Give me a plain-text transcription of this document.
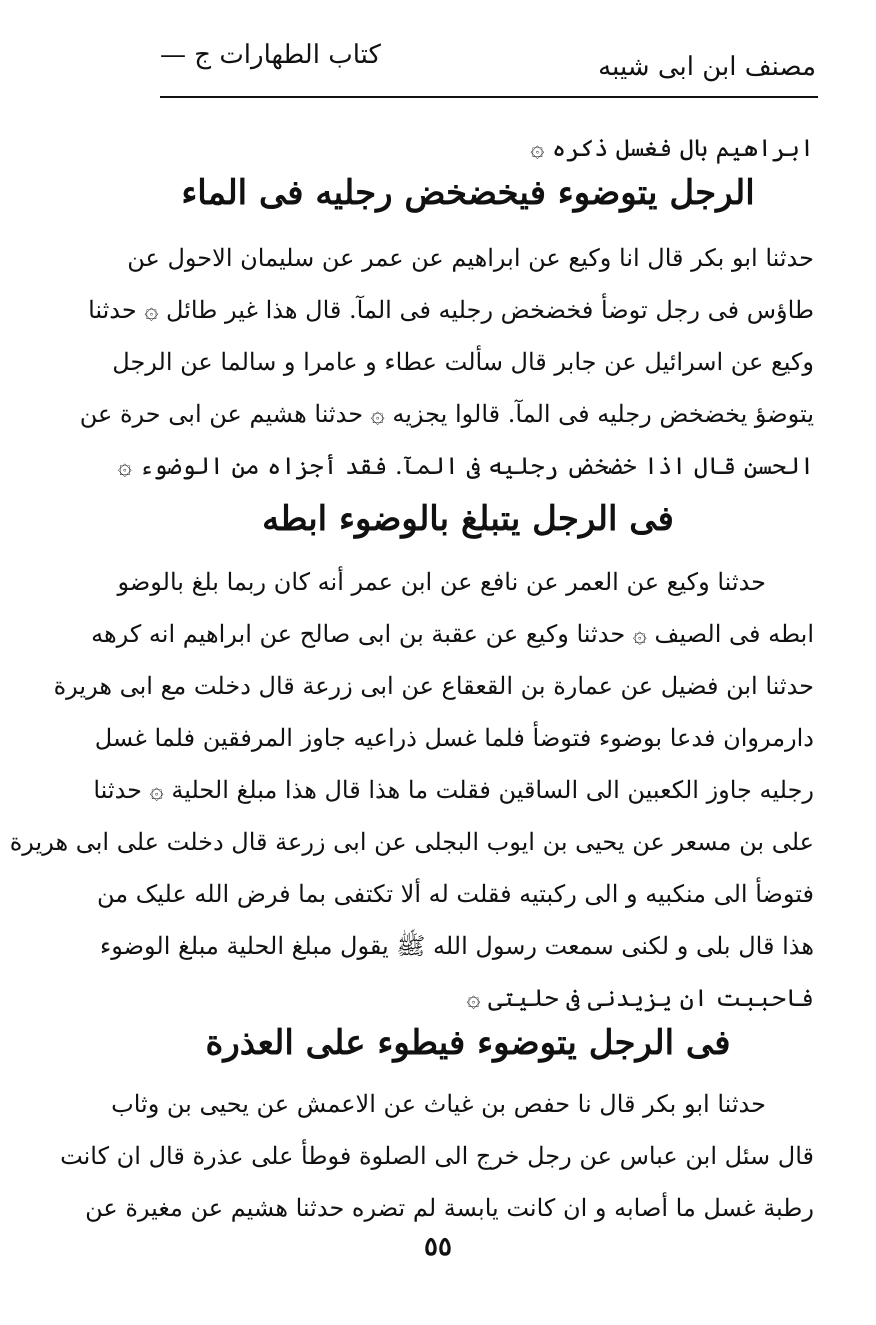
مصنف ابن ابی شیبه
کتاب الطهارات ج —
ابراهیم بال فغسل ذکره ۞
الرجل یتوضوء فیخضخض رجلیه فی الماء
حدثنا ابو بکر قال انا وکیع عن ابراهیم عن عمر عن سلیمان الاحول عن
طاؤس فی رجل توضأ فخضخض رجلیه فی المآ. قال هذا غیر طائل ۞ حدثنا
وکیع عن اسرائیل عن جابر قال سألت عطاء و عامرا و سالما عن الرجل
یتوضؤ یخضخض رجلیه فی المآ. قالوا یجزیه ۞ حدثنا هشیم عن ابی حرة عن
الحسن قال اذا خضخض رجلیه فی المآ. فقد أجزاه من الوضوء ۞
فی الرجل یتبلغ بالوضوء ابطه
حدثنا وکیع عن العمر عن نافع عن ابن عمر أنه کان ربما بلغ بالوضو
ابطه فی الصیف ۞ حدثنا وکیع عن عقبة بن ابی صالح عن ابراهیم انه کرهه
حدثنا ابن فضیل عن عمارة بن القعقاع عن ابی زرعة قال دخلت مع ابی هریرة
دارمروان فدعا بوضوء فتوضأ فلما غسل ذراعیه جاوز المرفقین فلما غسل
رجلیه جاوز الکعبین الی الساقین فقلت ما هذا قال هذا مبلغ الحلیة ۞ حدثنا
علی بن مسعر عن یحیی بن ایوب البجلی عن ابی زرعة قال دخلت علی ابی هریرة
فتوضأ الی منکبیه و الی رکبتیه فقلت له ألا تکتفی بما فرض الله علیک من
هذا قال بلی و لکنی سمعت رسول الله ﷺ یقول مبلغ الحلیة مبلغ الوضوء
فاحببت ان یزیدنی فی حلیتی ۞
فی الرجل یتوضوء فیطوء علی العذرة
حدثنا ابو بکر قال نا حفص بن غیاث عن الاعمش عن یحیی بن وثاب
قال سئل ابن عباس عن رجل خرج الی الصلوة فوطأ علی عذرة قال ان کانت
رطبة غسل ما أصابه و ان کانت یابسة لم تضره حدثنا هشیم عن مغیرة عن
٥٥
